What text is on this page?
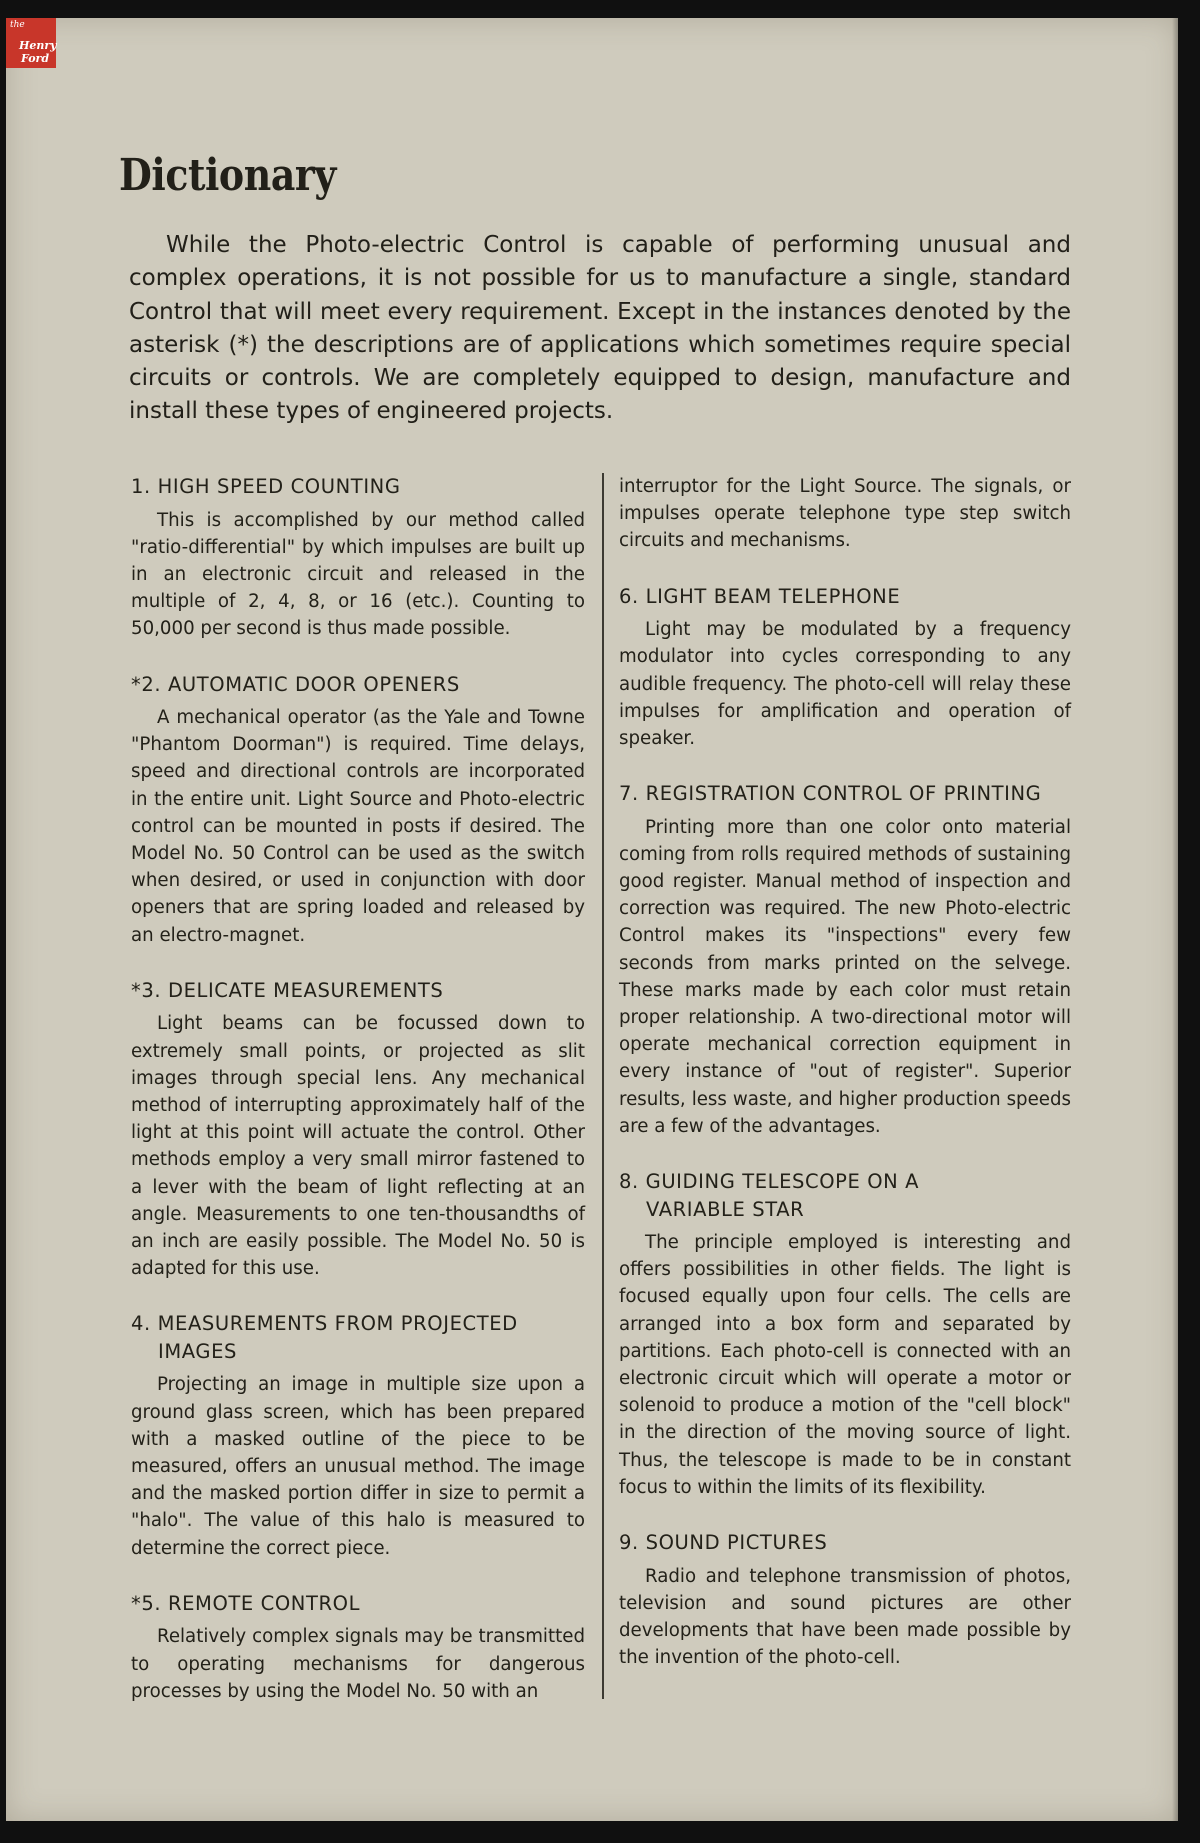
the
Henry
Ford
Dictionary

While the Photo-electric Control is capable of performing unusual and complex operations, it is not possible for us to manufacture a single, standard Control that will meet every requirement. Except in the instances denoted by the asterisk (*) the descriptions are of applications which sometimes require special circuits or controls. We are completely equipped to design, manufacture and install these types of engineered projects.

1. HIGH SPEED COUNTING

This is accomplished by our method called "ratio-differential" by which impulses are built up in an electronic circuit and released in the multiple of 2, 4, 8, or 16 (etc.). Counting to 50,000 per second is thus made possible.

*2. AUTOMATIC DOOR OPENERS

A mechanical operator (as the Yale and Towne "Phantom Doorman") is required. Time delays, speed and directional controls are incorporated in the entire unit. Light Source and Photo-electric control can be mounted in posts if desired. The Model No. 50 Control can be used as the switch when desired, or used in conjunction with door openers that are spring loaded and released by an electro-magnet.

*3. DELICATE MEASUREMENTS

Light beams can be focussed down to extremely small points, or projected as slit images through special lens. Any mechanical method of interrupting approximately half of the light at this point will actuate the control. Other methods employ a very small mirror fastened to a lever with the beam of light reflecting at an angle. Measurements to one ten-thousandths of an inch are easily possible. The Model No. 50 is adapted for this use.

4. MEASUREMENTS FROM PROJECTED
IMAGES

Projecting an image in multiple size upon a ground glass screen, which has been prepared with a masked outline of the piece to be measured, offers an unusual method. The image and the masked portion differ in size to permit a "halo". The value of this halo is measured to determine the correct piece.

*5. REMOTE CONTROL

Relatively complex signals may be transmitted to operating mechanisms for dangerous processes by using the Model No. 50 with an

interruptor for the Light Source. The signals, or impulses operate telephone type step switch circuits and mechanisms.

6. LIGHT BEAM TELEPHONE

Light may be modulated by a frequency modulator into cycles corresponding to any audible frequency. The photo-cell will relay these impulses for amplification and operation of speaker.

7. REGISTRATION CONTROL OF PRINTING

Printing more than one color onto material coming from rolls required methods of sustaining good register. Manual method of inspection and correction was required. The new Photo-electric Control makes its "inspections" every few seconds from marks printed on the selvege. These marks made by each color must retain proper relationship. A two-directional motor will operate mechanical correction equipment in every instance of "out of register". Superior results, less waste, and higher production speeds are a few of the advantages.

8. GUIDING TELESCOPE ON A
VARIABLE STAR

The principle employed is interesting and offers possibilities in other fields. The light is focused equally upon four cells. The cells are arranged into a box form and separated by partitions. Each photo-cell is connected with an electronic circuit which will operate a motor or solenoid to produce a motion of the "cell block" in the direction of the moving source of light. Thus, the telescope is made to be in constant focus to within the limits of its flexibility.

9. SOUND PICTURES

Radio and telephone transmission of photos, television and sound pictures are other developments that have been made possible by the invention of the photo-cell.
